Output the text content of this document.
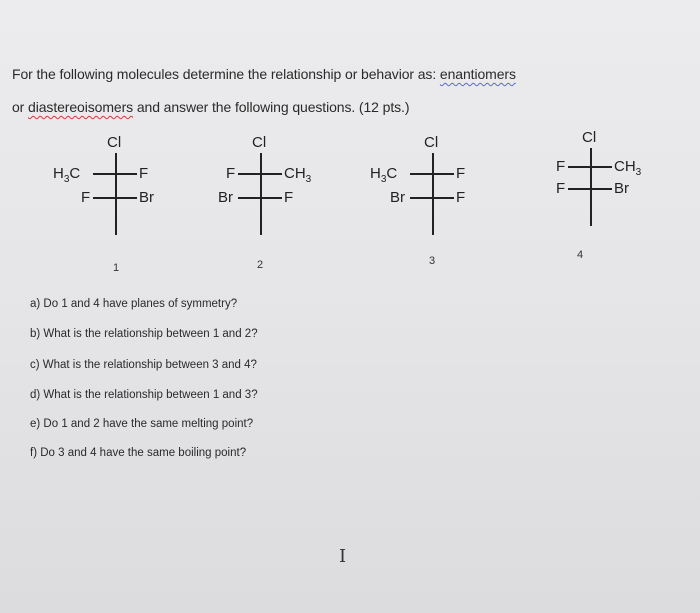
For the following molecules determine the relationship or behavior as: enantiomers
or diastereoisomers and answer the following questions. (12 pts.)
Cl
$H_3C$	F
F	Br
1
Cl
F	$CH_3$
Br	F
2
Cl
$H_3C$	F
Br	F
3
Cl
F	$CH_3$
F	Br
4
a) Do 1 and 4 have planes of symmetry?
b) What is the relationship between 1 and 2?
c) What is the relationship between 3 and 4?
d) What is the relationship between 1 and 3?
e) Do 1 and 2 have the same melting point?
f) Do 3 and 4 have the same boiling point?
I
